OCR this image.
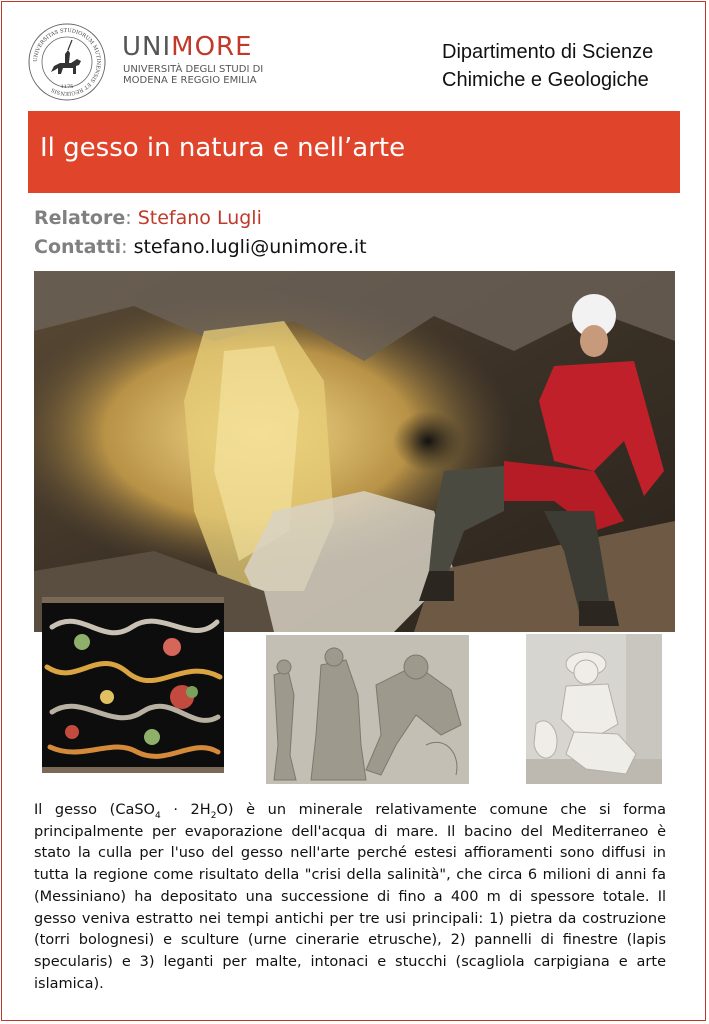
UNIVERSITAS STUDIORUM MUTINENSIS ET REGIENSIS 1175
UNIMORE
UNIVERSITÀ DEGLI STUDI DI
MODENA E REGGIO EMILIA
Dipartimento di Scienze
Chimiche e Geologiche
Il gesso in natura e nell’arte
Relatore: Stefano Lugli
Contatti: stefano.lugli@unimore.it
Il gesso (CaSO$_4$ · $2H_2O$) è un minerale relativamente comune che si forma principalmente per evaporazione dell'acqua di mare. Il bacino del Mediterraneo è stato la culla per l'uso del gesso nell'arte perché estesi affioramenti sono diffusi in tutta la regione come risultato della "crisi della salinità", che circa 6 milioni di anni fa (Messiniano) ha depositato una successione di fino a 400 m di spessore totale. Il gesso veniva estratto nei tempi antichi per tre usi principali: 1) pietra da costruzione (torri bolognesi) e sculture (urne cinerarie etrusche), 2) pannelli di finestre (lapis specularis) e 3) leganti per malte, intonaci e stucchi (scagliola carpigiana e arte islamica).
